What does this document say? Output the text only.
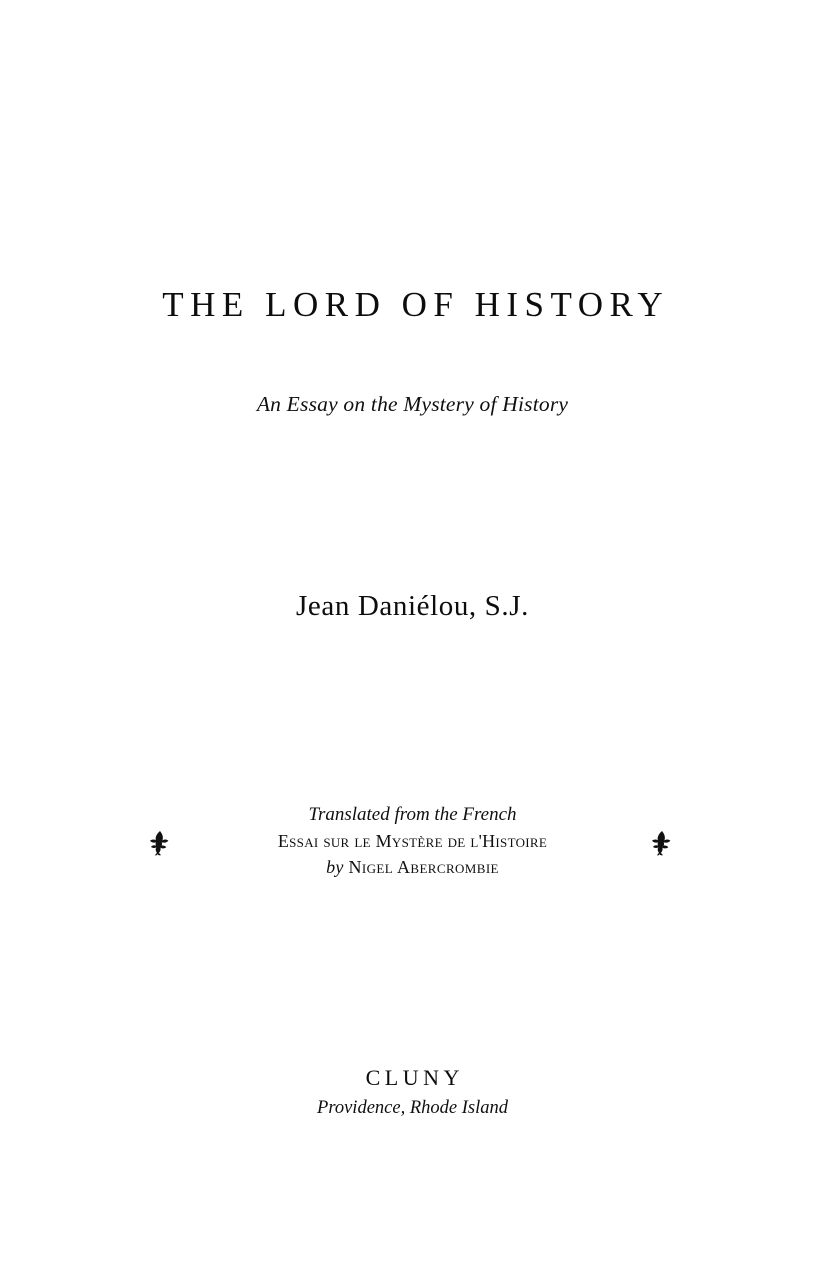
THE LORD OF HISTORY
An Essay on the Mystery of History
Jean Daniélou, S.J.
Translated from the French
Essai sur le Mystère de l'Histoire
by Nigel Abercrombie
CLUNY
Providence, Rhode Island
